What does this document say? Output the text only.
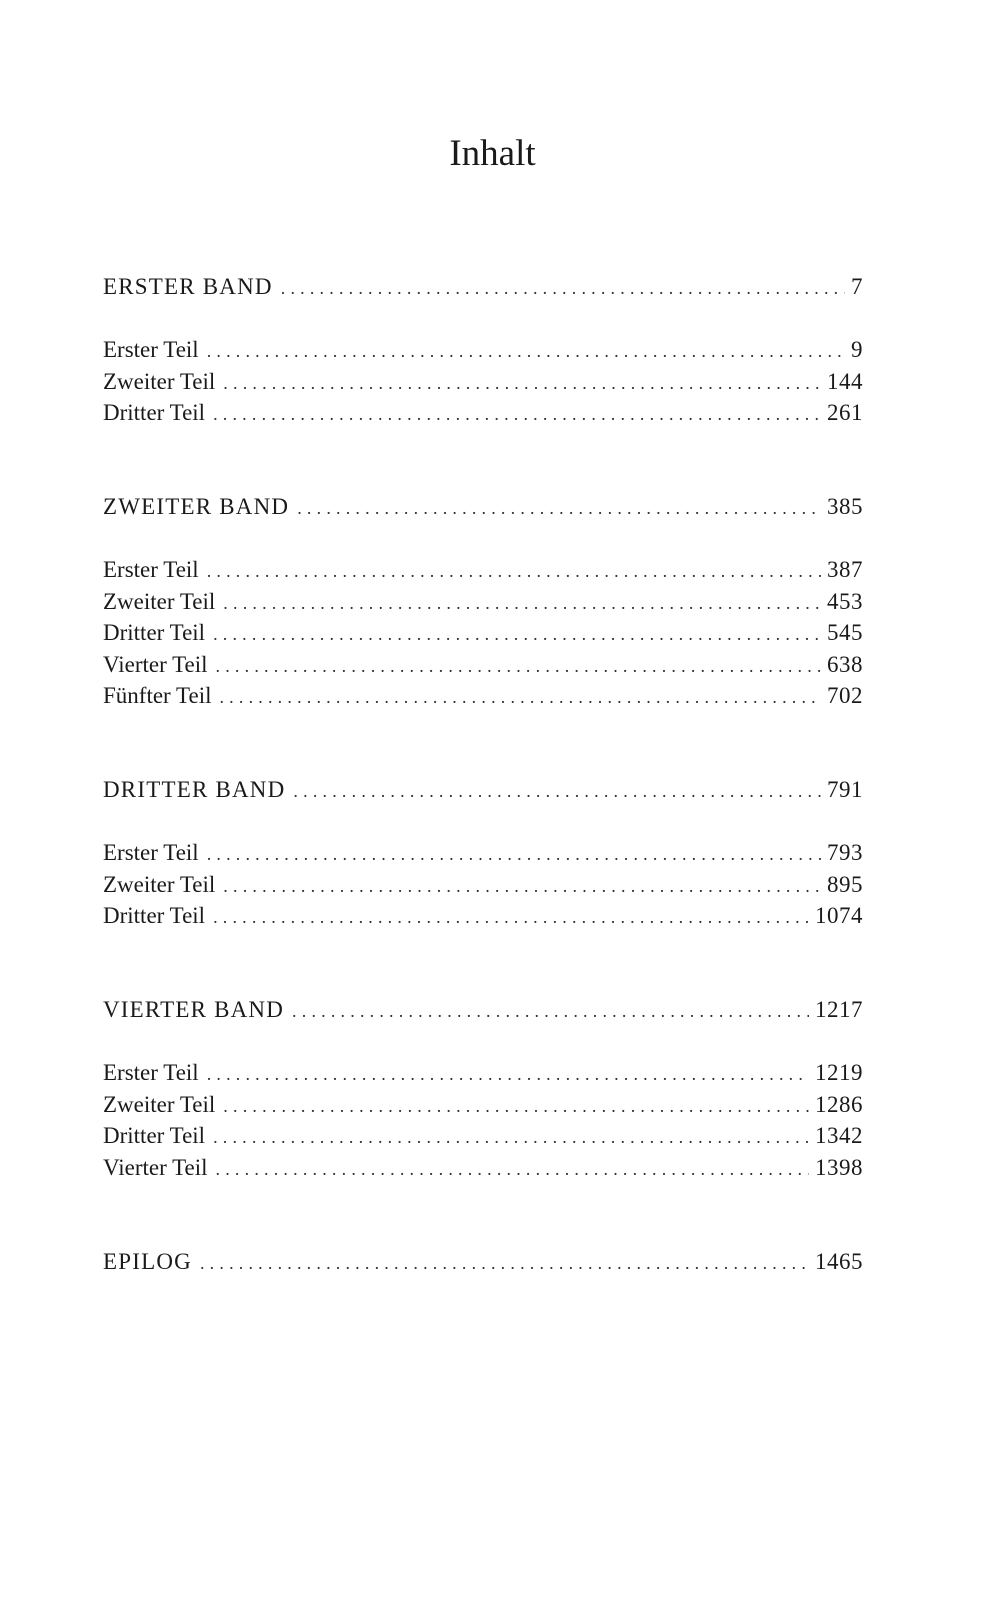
Inhalt
ERSTER BAND .....	7
Erster Teil .....	9
Zweiter Teil .....	144
Dritter Teil .....	261
ZWEITER BAND .....	385
Erster Teil .....	387
Zweiter Teil .....	453
Dritter Teil .....	545
Vierter Teil .....	638
Fünfter Teil .....	702
DRITTER BAND .....	791
Erster Teil .....	793
Zweiter Teil .....	895
Dritter Teil .....	1074
VIERTER BAND .....	1217
Erster Teil .....	1219
Zweiter Teil .....	1286
Dritter Teil .....	1342
Vierter Teil .....	1398
EPILOG .....	1465
